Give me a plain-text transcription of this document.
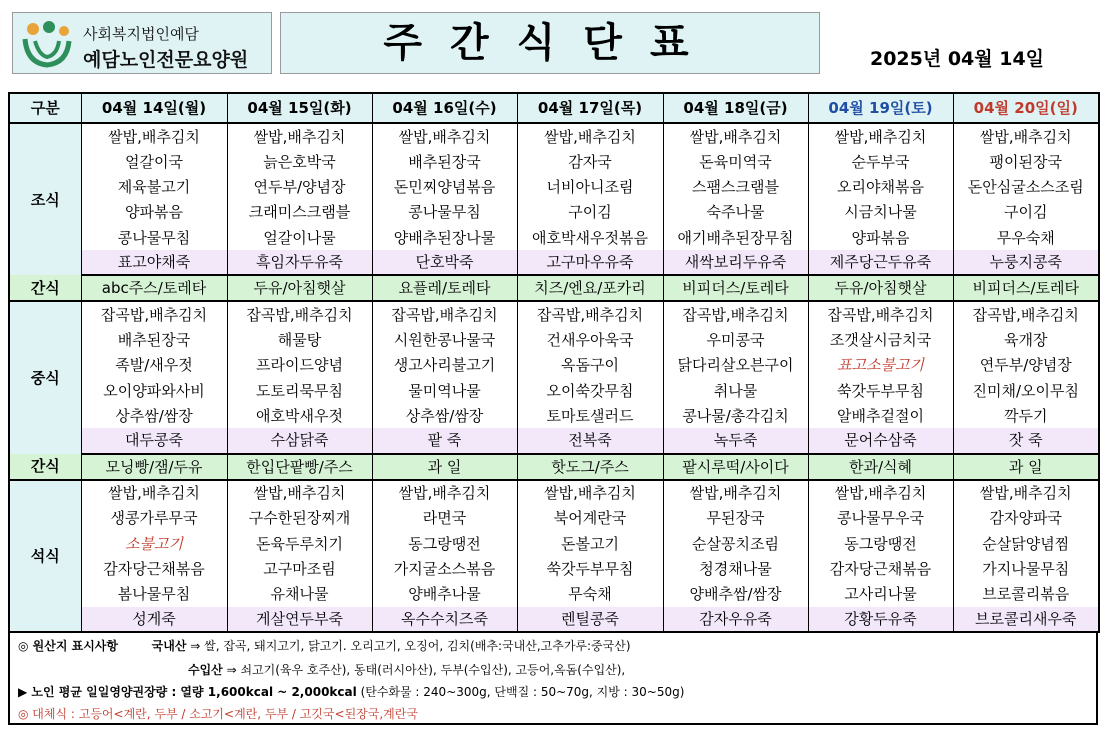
사회복지법인예담
예담노인전문요양원	주간식단표	2025년 04월 14일
구분	04월 14일(월)	04월 15일(화)	04월 16일(수)	04월 17일(목)	04월 18일(금)	04월 19일(토)	04월 20일(일)
조식	쌀밥,배추김치	쌀밥,배추김치	쌀밥,배추김치	쌀밥,배추김치	쌀밥,배추김치	쌀밥,배추김치	쌀밥,배추김치
	얼갈이국	늙은호박국	배추된장국	감자국	돈육미역국	순두부국	팽이된장국
	제육불고기	연두부/양념장	돈민찌양념볶음	너비아니조림	스팸스크램블	오리야채볶음	돈안심굴소스조림
	양파볶음	크래미스크램블	콩나물무침	구이김	숙주나물	시금치나물	구이김
	콩나물무침	얼갈이나물	양배추된장나물	애호박새우젓볶음	애기배추된장무침	양파볶음	무우숙채
	표고야채죽	흑임자두유죽	단호박죽	고구마우유죽	새싹보리두유죽	제주당근두유죽	누룽지콩죽
간식	abc주스/토레타	두유/아침햇살	요플레/토레타	치즈/엔요/포카리	비피더스/토레타	두유/아침햇살	비피더스/토레타
중식	잡곡밥,배추김치	잡곡밥,배추김치	잡곡밥,배추김치	잡곡밥,배추김치	잡곡밥,배추김치	잡곡밥,배추김치	잡곡밥,배추김치
	배추된장국	해물탕	시원한콩나물국	건새우아욱국	우미콩국	조갯살시금치국	육개장
	족발/새우젓	프라이드양념	생고사리불고기	옥돔구이	닭다리살오븐구이	표고소불고기	연두부/양념장
	오이양파와사비	도토리묵무침	물미역나물	오이쑥갓무침	취나물	쑥갓두부무침	진미채/오이무침
	상추쌈/쌈장	애호박새우젓	상추쌈/쌈장	토마토샐러드	콩나물/총각김치	알배추겉절이	깍두기
	대두콩죽	수삼닭죽	팥 죽	전복죽	녹두죽	문어수삼죽	잣 죽
간식	모닝빵/잼/두유	한입단팥빵/주스	과 일	핫도그/주스	팥시루떡/사이다	한과/식혜	과 일
석식	쌀밥,배추김치	쌀밥,배추김치	쌀밥,배추김치	쌀밥,배추김치	쌀밥,배추김치	쌀밥,배추김치	쌀밥,배추김치
	생콩가루무국	구수한된장찌개	라면국	북어계란국	무된장국	콩나물무우국	감자양파국
	소불고기	돈육두루치기	동그랑땡전	돈볼고기	순살꽁치조림	동그랑땡전	순살닭양념찜
	감자당근채볶음	고구마조림	가지굴소스볶음	쑥갓두부무침	청경채나물	감자당근채볶음	가지나물무침
	봄나물무침	유채나물	양배추나물	무숙채	양배추쌈/쌈장	고사리나물	브로콜리볶음
	성게죽	게살연두부죽	옥수수치즈죽	렌틸콩죽	감자우유죽	강황두유죽	브로콜리새우죽
◎ 원산지 표시사항	국내산 ⇒ 쌀, 잡곡, 돼지고기, 닭고기. 오리고기, 오징어, 김치(배추:국내산,고추가루:중국산)
수입산 ⇒ 쇠고기(육우 호주산), 동태(러시아산), 두부(수입산), 고등어,옥돔(수입산),
▶ 노인 평균 일일영양권장량 : 열량 1,600kcal ~ 2,000kcal (탄수화물 : 240~300g, 단백질 : 50~70g, 지방 : 30~50g)
◎ 대체식 : 고등어<계란, 두부 / 소고기<계란, 두부 / 고깃국<된장국,계란국
